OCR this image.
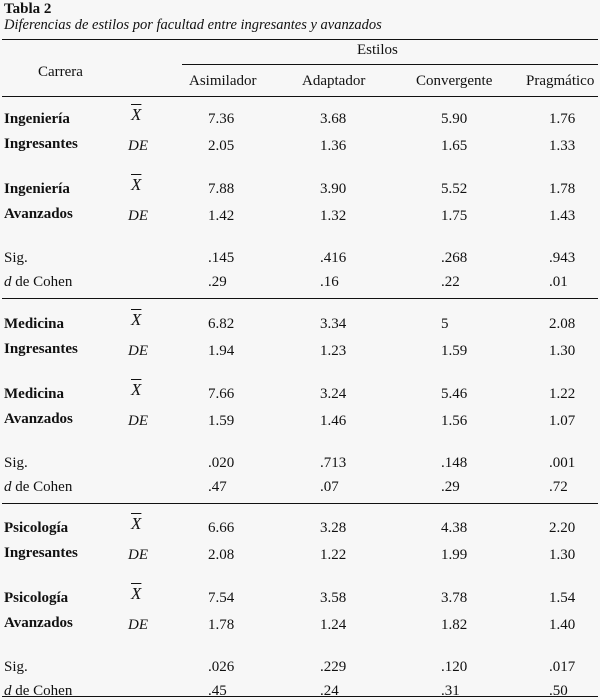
Tabla 2
Diferencias de estilos por facultad entre ingresantes y avanzados
Carrera
Estilos
Asimilador	Adaptador	Convergente Pragmático
Ingeniería
Ingresantes
$\overline{X}$
DE
7.36
2.05
3.68
1.36
5.90
1.65
1.76
1.33
Ingeniería
Avanzados
$\overline{X}$
DE
7.88
1.42
3.90
1.32
5.52
1.75
1.78
1.43
Sig.
d de Cohen
.145
.29
.416
.16
.268
.22
.943
.01
Medicina
Ingresantes
$\overline{X}$
DE
6.82
1.94
3.34
1.23
5
1.59
2.08
1.30
Medicina
Avanzados
$\overline{X}$
DE
7.66
1.59
3.24
1.46
5.46
1.56
1.22
1.07
Sig.
d de Cohen
.020
.47
.713
.07
.148
.29
.001
.72
Psicología
Ingresantes
$\overline{X}$
DE
6.66
2.08
3.28
1.22
4.38
1.99
2.20
1.30
Psicología
Avanzados
$\overline{X}$
DE
7.54
1.78
3.58
1.24
3.78
1.82
1.54
1.40
Sig.
d de Cohen
.026
.45
.229
.24
.120
.31
.017
.50
